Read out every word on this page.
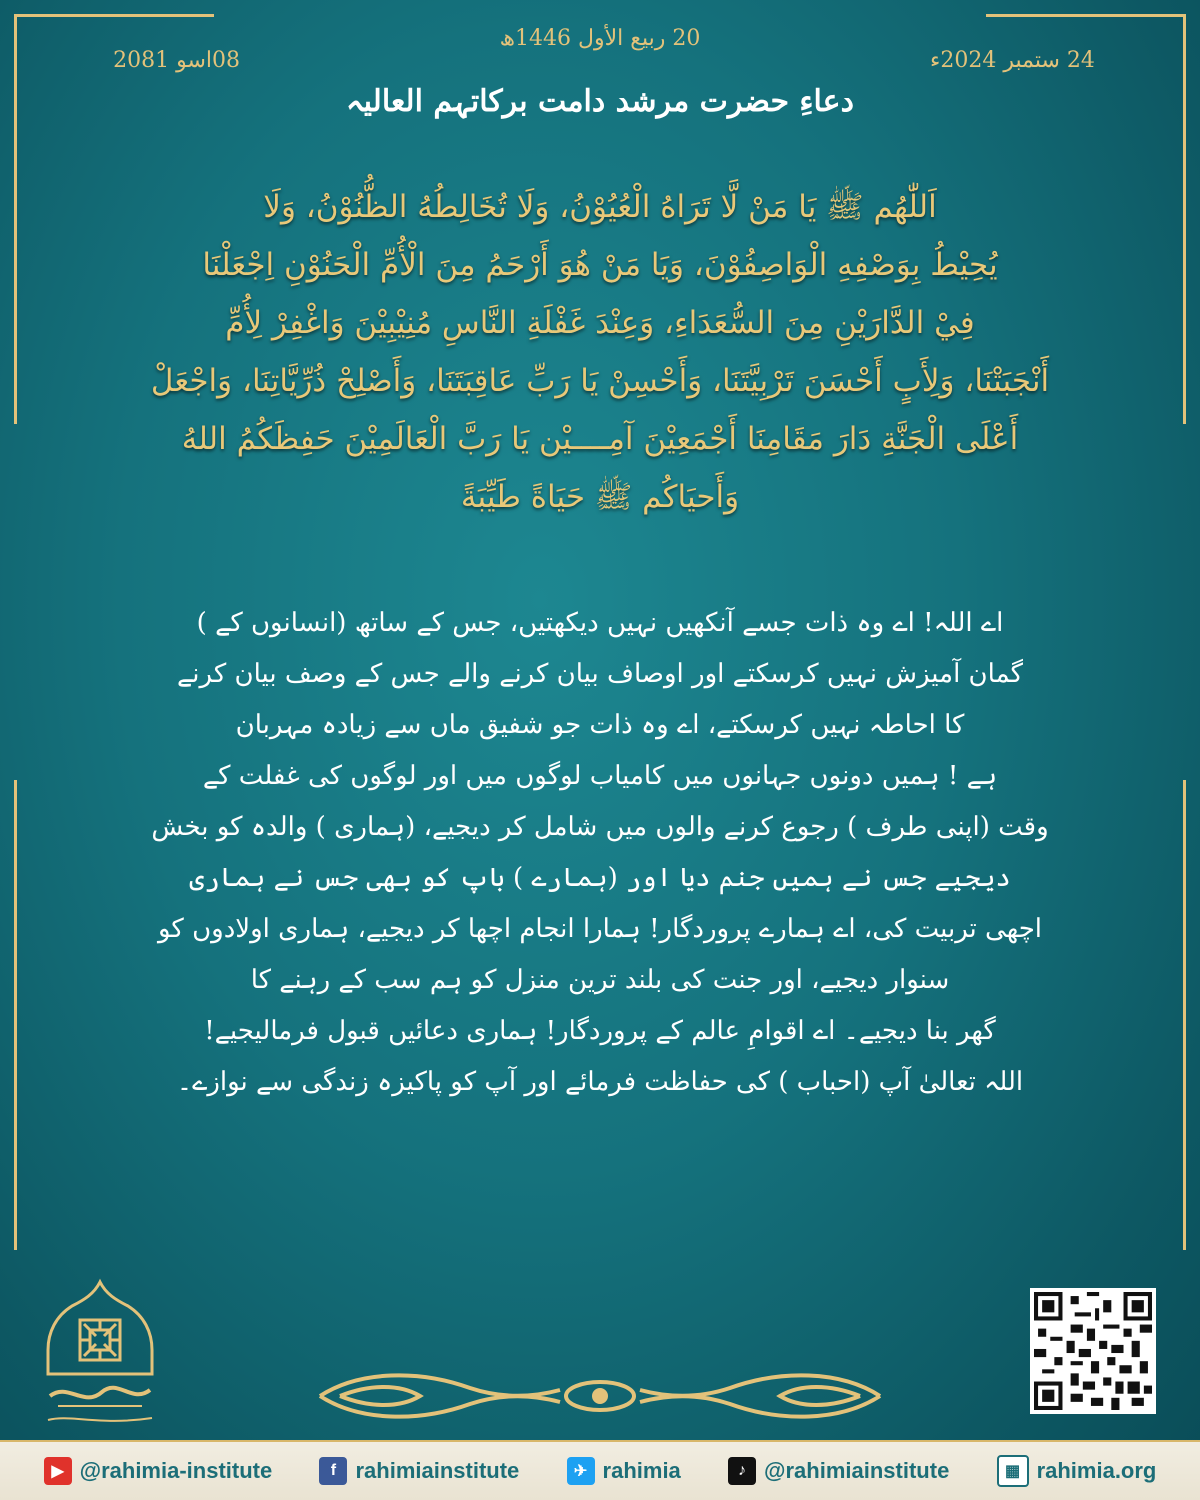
20 ربیع الأول 1446ھ
24 ستمبر 2024ء
08اسو 2081
دعاءِ حضرت مرشد دامت برکاتہم العالیہ
اَللّٰهُم ﷺ يَا مَنْ لَّا تَرَاهُ الْعُيُوْنُ، وَلَا تُخَالِطُهُ الظُّنُوْنُ، وَلَا
يُحِيْطُ بِوَصْفِهِ الْوَاصِفُوْنَ، وَيَا مَنْ هُوَ أَرْحَمُ مِنَ الْأُمِّ الْحَنُوْنِ اِجْعَلْنَا
فِيْ الدَّارَيْنِ مِنَ السُّعَدَاءِ، وَعِنْدَ غَفْلَةِ النَّاسِ مُنِيْبِيْنَ وَاغْفِرْ لِأُمِّ
أَنْجَبَتْنَا، وَلِأَبٍ أَحْسَنَ تَرْبِيَّتَنَا، وَأَحْسِنْ يَا رَبِّ عَاقِبَتَنَا، وَأَصْلِحْ ذُرِّيَّاتِنَا، وَاجْعَلْ
أَعْلَى الْجَنَّةِ دَارَ مَقَامِنَا أَجْمَعِيْنَ آمِــــيْن يَا رَبَّ الْعَالَمِيْنَ حَفِظَكُمُ اللهُ
وَأَحيَاكُم ﷺ حَيَاةً طَيِّبَةً
اے اللہ! اے وہ ذات جسے آنکھیں نہیں دیکھتیں، جس کے ساتھ (انسانوں کے )
گمان آمیزش نہیں کرسکتے اور اوصاف بیان کرنے والے جس کے وصف بیان کرنے
کا احاطہ نہیں کرسکتے، اے وہ ذات جو شفیق ماں سے زیادہ مہربان
ہے ! ہمیں دونوں جہانوں میں کامیاب لوگوں میں اور لوگوں کی غفلت کے
وقت (اپنی طرف ) رجوع کرنے والوں میں شامل کر دیجیے، (ہماری ) والدہ کو بخش
دیجیے جس نے ہمیں جنم دیا اور (ہمارے ) باپ کو بھی جس نے ہماری
اچھی تربیت کی، اے ہمارے پروردگار! ہمارا انجام اچھا کر دیجیے، ہماری اولادوں کو
سنوار دیجیے، اور جنت کی بلند ترین منزل کو ہم سب کے رہنے کا
گھر بنا دیجیے۔ اے اقوامِ عالم کے پروردگار! ہماری دعائیں قبول فرمالیجیے!
اللہ تعالیٰ آپ (احباب ) کی حفاظت فرمائے اور آپ کو پاکیزہ زندگی سے نوازے۔
▶ @rahimia-institute	f rahimiainstitute	✈ rahimia	♪ @rahimiainstitute	▦ rahimia.org
